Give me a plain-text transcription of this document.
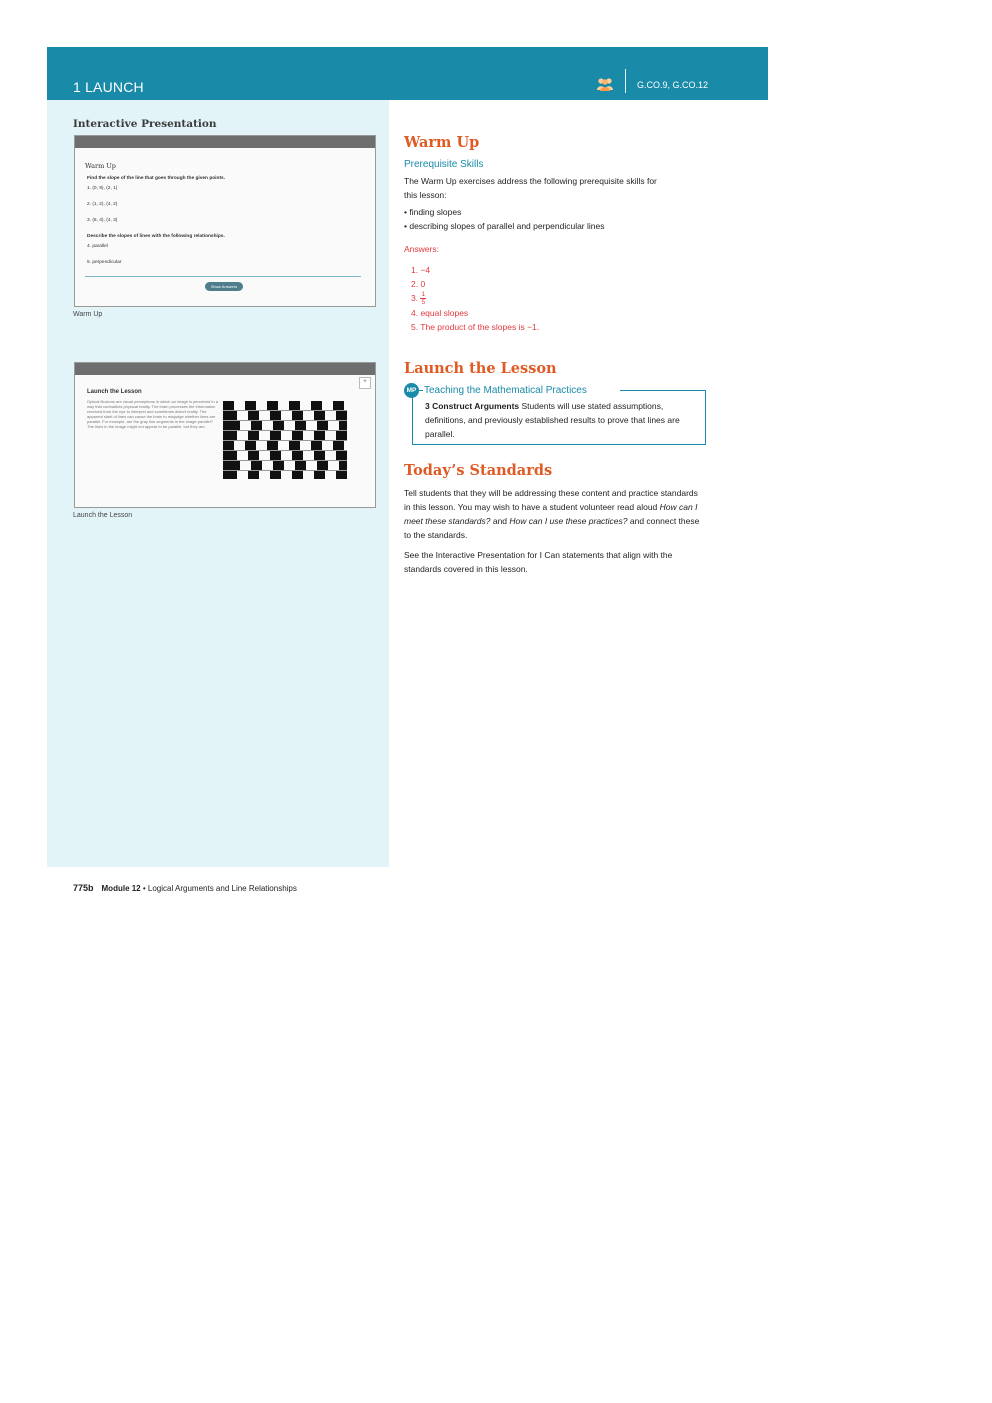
1 LAUNCH	G.CO.9, G.CO.12
Interactive Presentation
Warm Up
Find the slope of the line that goes through the given points.
1. (0, 9), (2, 1)
2. (1, 2), (4, 2)
3. (6, 4), (4, 3)
Describe the slopes of lines with the following relationships.
4. parallel
5. perpendicular
Show Answers
Warm Up
+
Launch the Lesson
Optical illusions are visual perceptions in which an image is perceived in a way that contradicts physical reality. The brain processes the information received from the eye to interpret and sometimes distort reality. The apparent slant of lines can cause the brain to misjudge whether lines are parallel. For example, are the gray line segments in the image parallel? The lines in the image might not appear to be parallel, but they are.
Launch the Lesson
Warm Up
Prerequisite Skills
The Warm Up exercises address the following prerequisite skills for
this lesson:
• finding slopes
• describing slopes of parallel and perpendicular lines
Answers:
1. −4
2. 0
3. $\frac{1}{5}$
4. equal slopes
5. The product of the slopes is −1.
Launch the Lesson
3 Construct Arguments Students will use stated assumptions, definitions, and previously established results to prove that lines are parallel.
MP Teaching the Mathematical Practices
Today’s Standards
Tell students that they will be addressing these content and practice standards in this lesson. You may wish to have a student volunteer read aloud How can I meet these standards? and How can I use these practices? and connect these to the standards.
See the Interactive Presentation for I Can statements that align with the standards covered in this lesson.
775b Module 12 • Logical Arguments and Line Relationships
